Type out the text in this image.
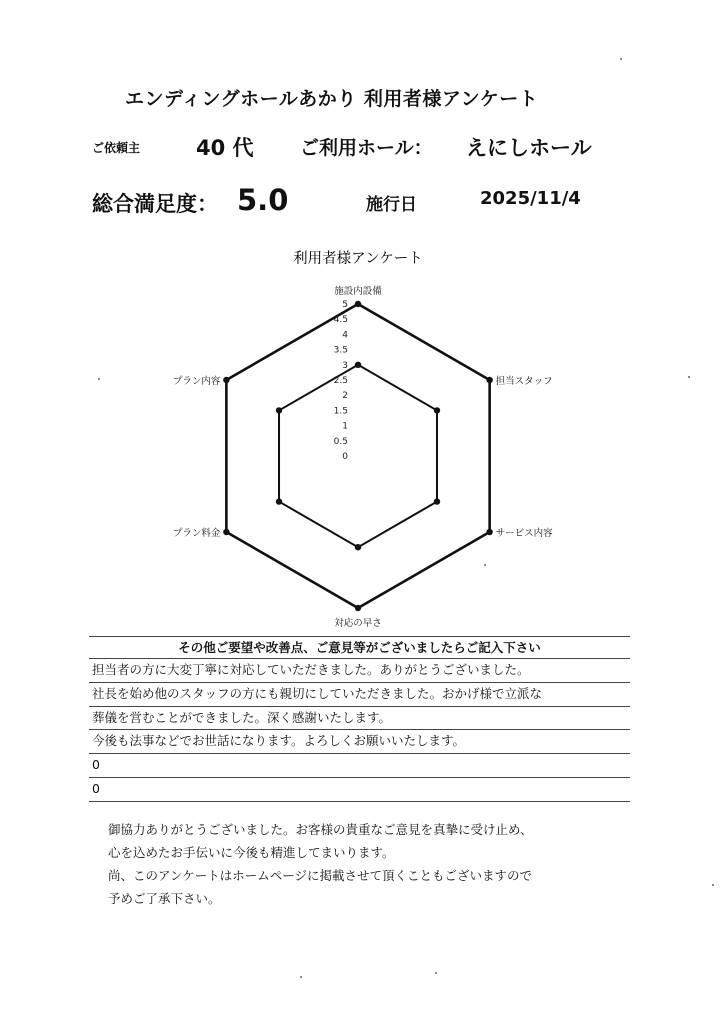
エンディングホールあかり 利用者様アンケート
ご依頼主	40 代 ご利用ホール： えにしホール
総合満足度： 5.0	施行日	2025/11/4
利用者様アンケート
5
4.5
4
3.5
3
2.5
2
1.5
1
0.5
0
施設内設備
担当スタッフ
サービス内容
対応の早さ
プラン料金
プラン内容
その他ご要望や改善点、ご意見等がございましたらご記入下さい
担当者の方に大変丁寧に対応していただきました。ありがとうございました。
社長を始め他のスタッフの方にも親切にしていただきました。おかげ様で立派な
葬儀を営むことができました。深く感謝いたします。
今後も法事などでお世話になります。よろしくお願いいたします。
0
0
御協力ありがとうございました。お客様の貴重なご意見を真摯に受け止め、
心を込めたお手伝いに今後も精進してまいります。
尚、このアンケートはホームページに掲載させて頂くこともございますので
予めご了承下さい。
